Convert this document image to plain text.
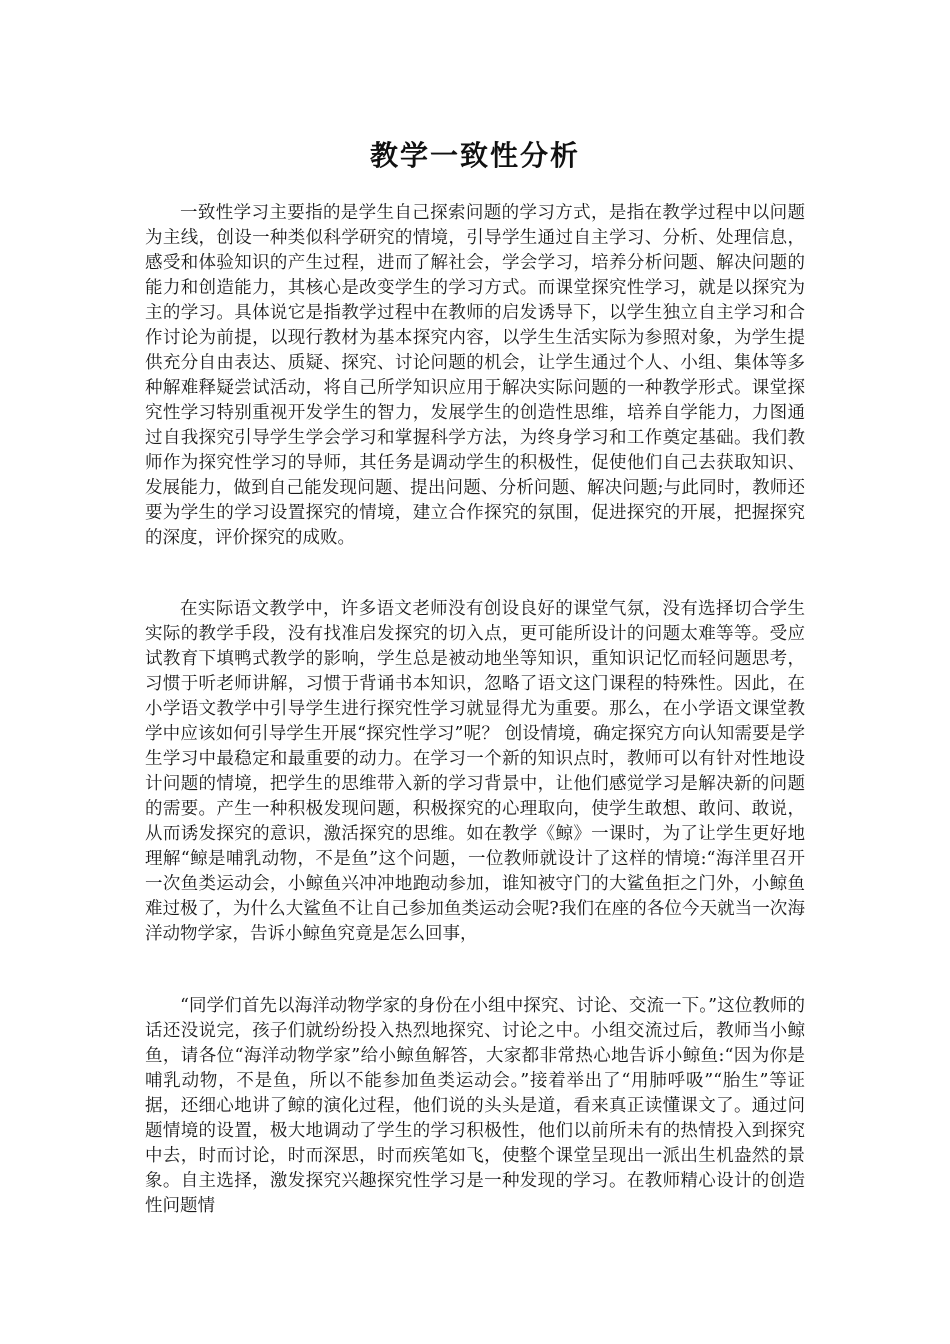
教学一致性分析

一致性学习主要指的是学生自己探索问题的学习方式，是指在教学过程中以问题为主线，创设一种类似科学研究的情境，引导学生通过自主学习、分析、处理信息，感受和体验知识的产生过程，进而了解社会，学会学习，培养分析问题、解决问题的能力和创造能力，其核心是改变学生的学习方式。而课堂探究性学习，就是以探究为主的学习。具体说它是指教学过程中在教师的启发诱导下，以学生独立自主学习和合作讨论为前提，以现行教材为基本探究内容，以学生生活实际为参照对象，为学生提供充分自由表达、质疑、探究、讨论问题的机会，让学生通过个人、小组、集体等多种解难释疑尝试活动，将自己所学知识应用于解决实际问题的一种教学形式。课堂探究性学习特别重视开发学生的智力，发展学生的创造性思维，培养自学能力，力图通过自我探究引导学生学会学习和掌握科学方法，为终身学习和工作奠定基础。我们教师作为探究性学习的导师，其任务是调动学生的积极性，促使他们自己去获取知识、发展能力，做到自己能发现问题、提出问题、分析问题、解决问题;与此同时，教师还要为学生的学习设置探究的情境，建立合作探究的氛围，促进探究的开展，把握探究的深度，评价探究的成败。

在实际语文教学中，许多语文老师没有创设良好的课堂气氛，没有选择切合学生实际的教学手段，没有找准启发探究的切入点，更可能所设计的问题太难等等。受应试教育下填鸭式教学的影响，学生总是被动地坐等知识，重知识记忆而轻问题思考，习惯于听老师讲解，习惯于背诵书本知识，忽略了语文这门课程的特殊性。因此，在小学语文教学中引导学生进行探究性学习就显得尤为重要。那么，在小学语文课堂教学中应该如何引导学生开展“探究性学习”呢？ 创设情境，确定探究方向认知需要是学生学习中最稳定和最重要的动力。在学习一个新的知识点时，教师可以有针对性地设计问题的情境，把学生的思维带入新的学习背景中，让他们感觉学习是解决新的问题的需要。产生一种积极发现问题，积极探究的心理取向，使学生敢想、敢问、敢说，从而诱发探究的意识，激活探究的思维。如在教学《鲸》一课时，为了让学生更好地理解“鲸是哺乳动物，不是鱼”这个问题，一位教师就设计了这样的情境:“海洋里召开一次鱼类运动会，小鲸鱼兴冲冲地跑动参加，谁知被守门的大鲨鱼拒之门外，小鲸鱼难过极了，为什么大鲨鱼不让自己参加鱼类运动会呢?我们在座的各位今天就当一次海洋动物学家，告诉小鲸鱼究竟是怎么回事，

“同学们首先以海洋动物学家的身份在小组中探究、讨论、交流一下。”这位教师的话还没说完，孩子们就纷纷投入热烈地探究、讨论之中。小组交流过后，教师当小鲸鱼，请各位“海洋动物学家”给小鲸鱼解答，大家都非常热心地告诉小鲸鱼:“因为你是哺乳动物，不是鱼，所以不能参加鱼类运动会。”接着举出了“用肺呼吸”“胎生”等证据，还细心地讲了鲸的演化过程，他们说的头头是道，看来真正读懂课文了。通过问题情境的设置，极大地调动了学生的学习积极性，他们以前所未有的热情投入到探究中去，时而讨论，时而深思，时而疾笔如飞，使整个课堂呈现出一派出生机盎然的景象。自主选择，激发探究兴趣探究性学习是一种发现的学习。在教师精心设计的创造性问题情
